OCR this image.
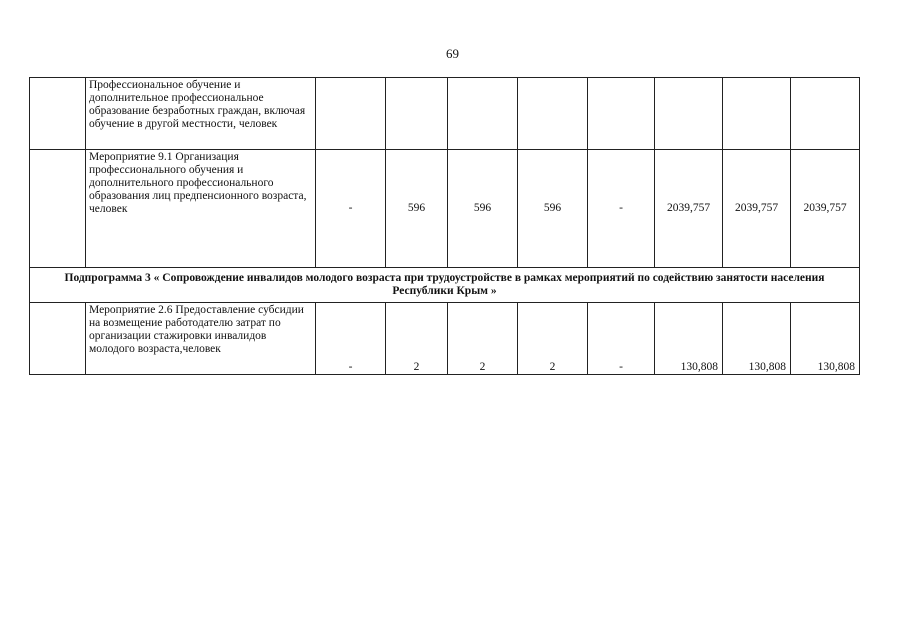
69
	Профессиональное обучение и дополнительное профессиональное образование безработных граждан, включая обучение в другой местности, человек								
	Мероприятие 9.1 Организация профессионального обучения и дополнительного профессионального образования лиц предпенсионного возраста, человек	-	596	596	596	-	2039,757	2039,757	2039,757
Подпрограмма 3 « Сопровождение инвалидов молодого возраста при трудоустройстве в рамках мероприятий по содействию занятости населения Республики Крым »									
	Мероприятие 2.6 Предоставление субсидии на возмещение работодателю затрат по организации стажировки инвалидов молодого возраста,человек	-	2	2	2	-	130,808	130,808	130,808
